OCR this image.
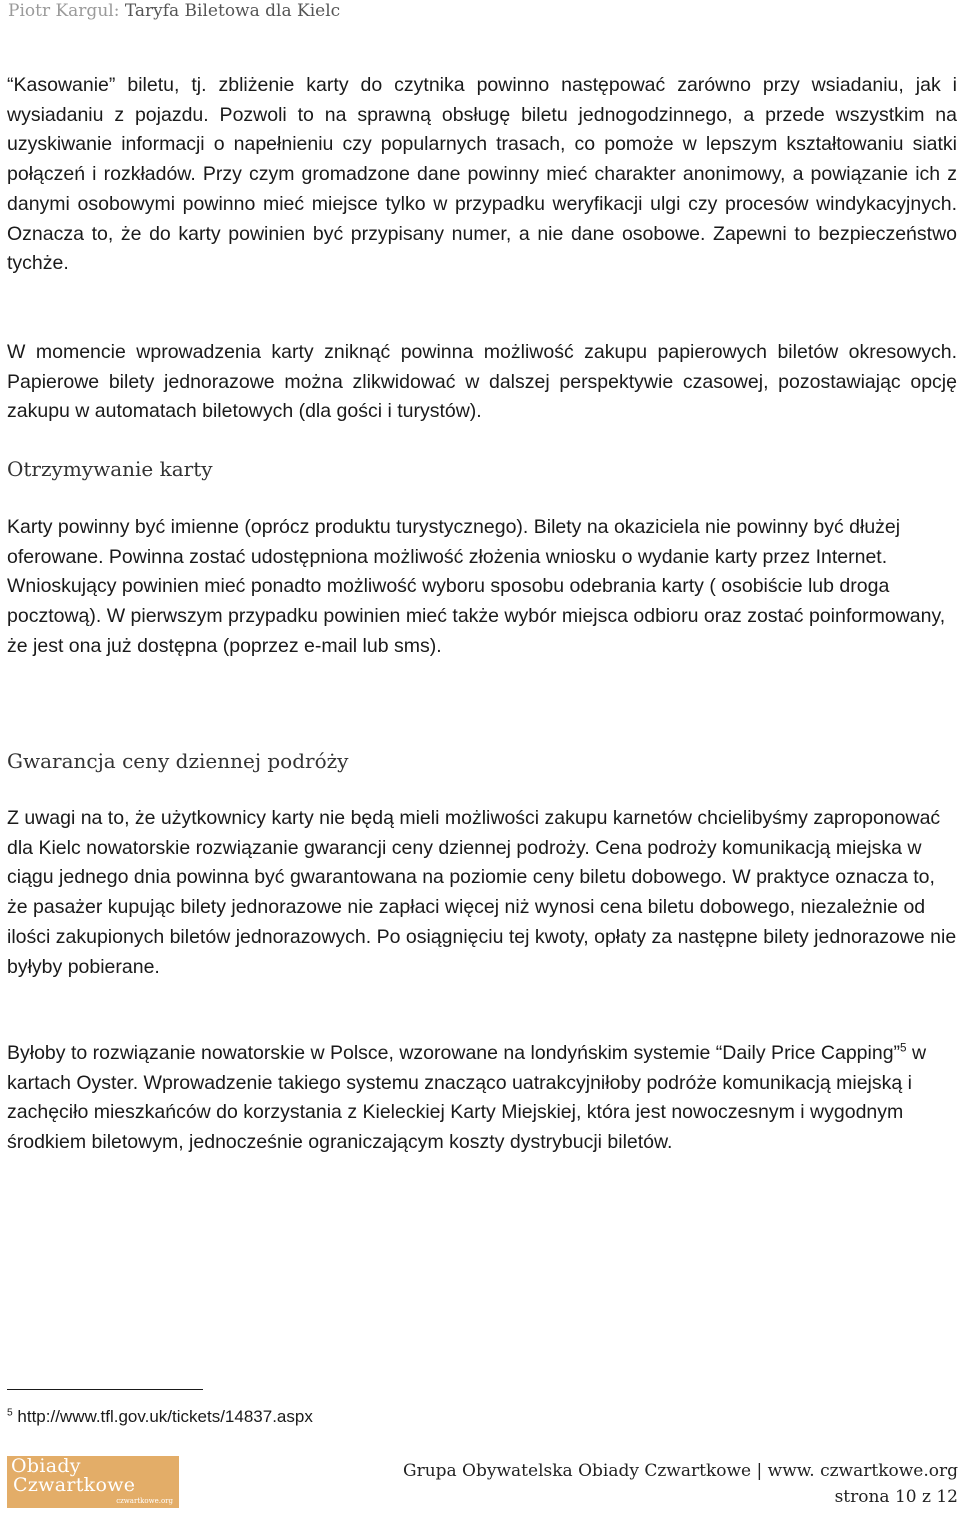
Piotr Kargul: Taryfa Biletowa dla Kielc

“Kasowanie” biletu, tj. zbliżenie karty do czytnika powinno następować zarówno przy wsiadaniu, jak i wysiadaniu z pojazdu. Pozwoli to na sprawną obsługę biletu jednogodzinnego, a przede wszystkim na uzyskiwanie informacji o napełnieniu czy popularnych trasach, co pomoże w lepszym kształtowaniu siatki połączeń i rozkładów. Przy czym gromadzone dane powinny mieć charakter anonimowy, a powiązanie ich z danymi osobowymi powinno mieć miejsce tylko w przypadku weryfikacji ulgi czy procesów windykacyjnych. Oznacza to, że do karty powinien być przypisany numer, a nie dane osobowe. Zapewni to bezpieczeństwo tychże.

W momencie wprowadzenia karty zniknąć powinna możliwość zakupu papierowych biletów okresowych. Papierowe bilety jednorazowe można zlikwidować w dalszej perspektywie czasowej, pozostawiając opcję zakupu w automatach biletowych (dla gości i turystów).

Otrzymywanie karty

Karty powinny być imienne (oprócz produktu turystycznego). Bilety na okaziciela nie powinny być dłużej oferowane. Powinna zostać udostępniona możliwość złożenia wniosku o wydanie karty przez Internet. Wnioskujący powinien mieć ponadto możliwość wyboru sposobu odebrania karty ( osobiście lub droga pocztową). W pierwszym przypadku powinien mieć także wybór miejsca odbioru oraz zostać poinformowany, że jest ona już dostępna (poprzez e-mail lub sms).

Gwarancja ceny dziennej podróży

Z uwagi na to, że użytkownicy karty nie będą mieli możliwości zakupu karnetów chcielibyśmy zaproponować dla Kielc nowatorskie rozwiązanie gwarancji ceny dziennej podroży. Cena podroży komunikacją miejska w ciągu jednego dnia powinna być gwarantowana na poziomie ceny biletu dobowego. W praktyce oznacza to, że pasażer kupując bilety jednorazowe nie zapłaci więcej niż wynosi cena biletu dobowego, niezależnie od ilości zakupionych biletów jednorazowych. Po osiągnięciu tej kwoty, opłaty za następne bilety jednorazowe nie byłyby pobierane.

Byłoby to rozwiązanie nowatorskie w Polsce, wzorowane na londyńskim systemie “Daily Price Capping”$^5$ w kartach Oyster. Wprowadzenie takiego systemu znacząco uatrakcyjniłoby podróże komunikacją miejską i zachęciło mieszkańców do korzystania z Kieleckiej Karty Miejskiej, która jest nowoczesnym i wygodnym środkiem biletowym, jednocześnie ograniczającym koszty dystrybucji biletów.

$^5$ http://www.tfl.gov.uk/tickets/14837.aspx
Obiady
Czwartkowe
czwartkowe.org
Grupa Obywatelska Obiady Czwartkowe | www. czwartkowe.org
strona 10 z 12
